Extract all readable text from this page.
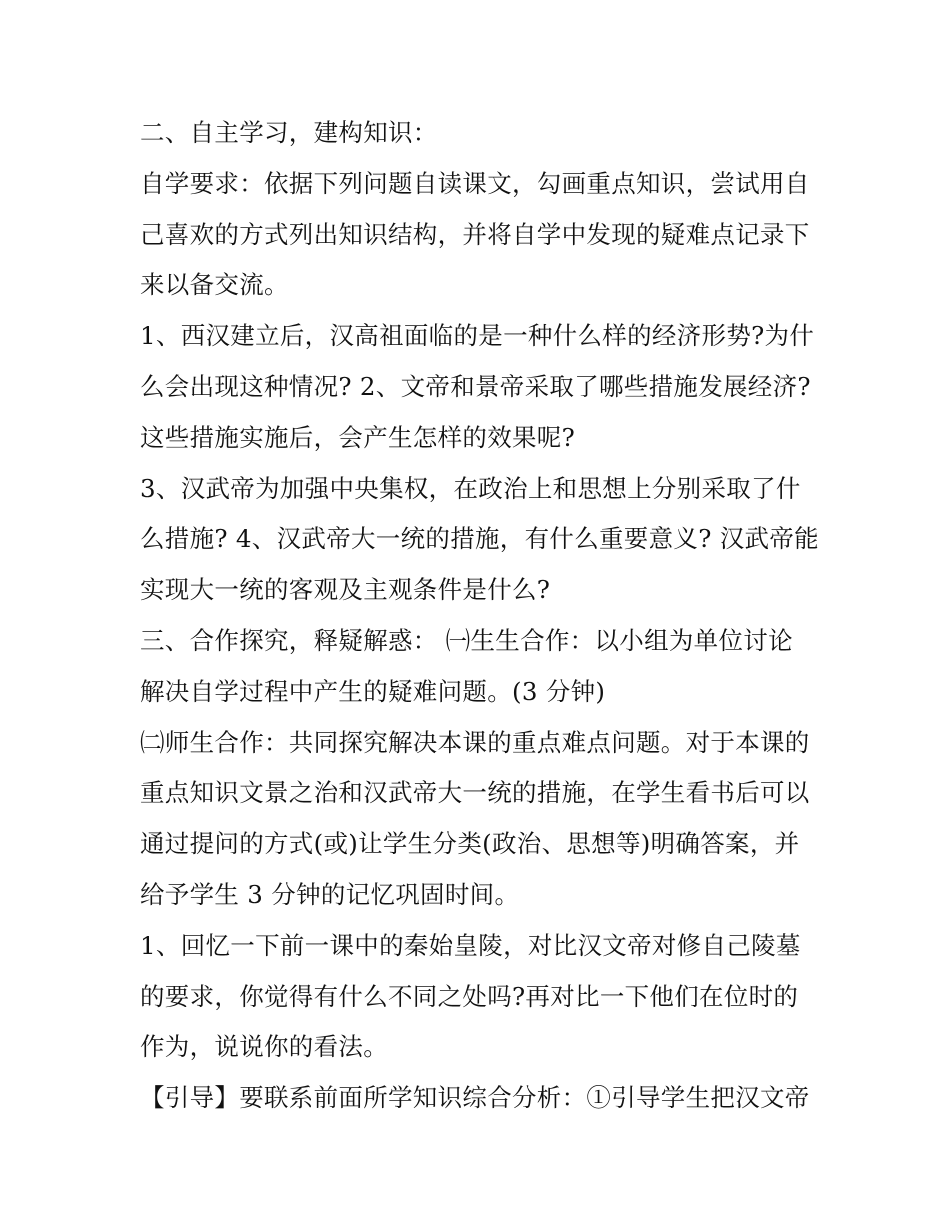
二、自主学习，建构知识：
自学要求：依据下列问题自读课文，勾画重点知识，尝试用自
己喜欢的方式列出知识结构，并将自学中发现的疑难点记录下
来以备交流。
1、西汉建立后，汉高祖面临的是一种什么样的经济形势?为什
么会出现这种情况? 2、文帝和景帝采取了哪些措施发展经济?
这些措施实施后，会产生怎样的效果呢?
3、汉武帝为加强中央集权，在政治上和思想上分别采取了什
么措施? 4、汉武帝大一统的措施，有什么重要意义? 汉武帝能
实现大一统的客观及主观条件是什么?
三、合作探究，释疑解惑： ㈠生生合作：以小组为单位讨论
解决自学过程中产生的疑难问题。(3 分钟)
㈡师生合作：共同探究解决本课的重点难点问题。对于本课的
重点知识文景之治和汉武帝大一统的措施，在学生看书后可以
通过提问的方式(或)让学生分类(政治、思想等)明确答案，并
给予学生 3 分钟的记忆巩固时间。
1、回忆一下前一课中的秦始皇陵，对比汉文帝对修自己陵墓
的要求，你觉得有什么不同之处吗?再对比一下他们在位时的
作为，说说你的看法。
【引导】要联系前面所学知识综合分析：①引导学生把汉文帝
